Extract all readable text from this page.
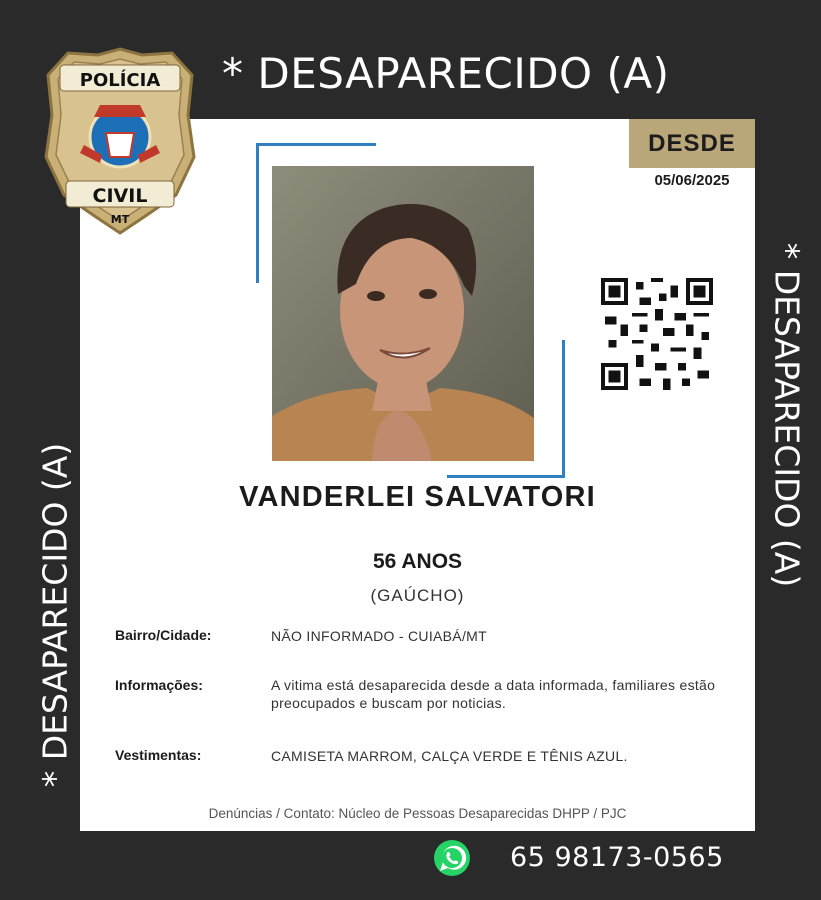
* DESAPARECIDO (A)
* DESAPARECIDO (A)
* DESAPARECIDO (A)
POLÍCIA
CIVIL
MT
DESDE
05/06/2025
VANDERLEI SALVATORI
56 ANOS
(GAÚCHO)
Bairro/Cidade:	NÃO INFORMADO - CUIABÁ/MT
Informações:	A vitima está desaparecida desde a data informada, familiares estão preocupados e buscam por noticias.
Vestimentas:	CAMISETA MARROM, CALÇA VERDE E TÊNIS AZUL.
Denúncias / Contato: Núcleo de Pessoas Desaparecidas DHPP / PJC
65 98173-0565
